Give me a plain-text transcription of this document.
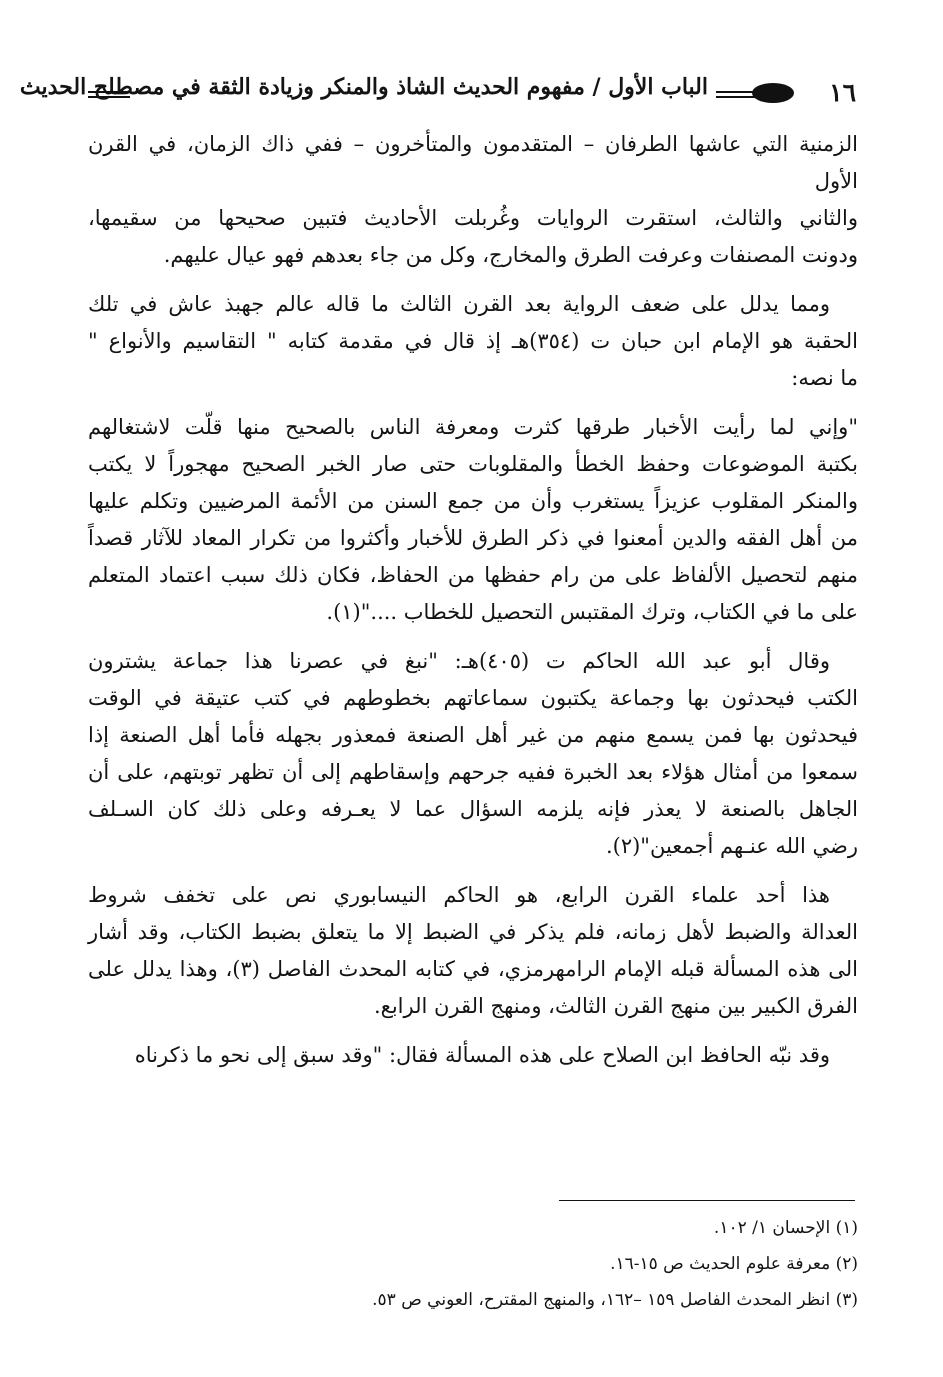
١٦
الباب الأول / مفهوم الحديث الشاذ والمنكر وزيادة الثقة في مصطلح الحديث
الزمنية التي عاشها الطرفان – المتقدمون والمتأخرون – ففي ذاك الزمان، في القرن الأول
والثاني والثالث، استقرت الروايات وغُربلت الأحاديث فتبين صحيحها من سقيمها،
ودونت المصنفات وعرفت الطرق والمخارج، وكل من جاء بعدهم فهو عيال عليهم.
ومما يدلل على ضعف الرواية بعد القرن الثالث ما قاله عالم جهبذ عاش في تلك
الحقبة هو الإمام ابن حبان ت (٣٥٤)هـ إذ قال في مقدمة كتابه " التقاسيم والأنواع "
ما نصه:
"وإني لما رأيت الأخبار طرقها كثرت ومعرفة الناس بالصحيح منها قلّت لاشتغالهم
بكتبة الموضوعات وحفظ الخطأ والمقلوبات حتى صار الخبر الصحيح مهجوراً لا يكتب
والمنكر المقلوب عزيزاً يستغرب وأن من جمع السنن من الأئمة المرضيين وتكلم عليها
من أهل الفقه والدين أمعنوا في ذكر الطرق للأخبار وأكثروا من تكرار المعاد للآثار قصداً
منهم لتحصيل الألفاظ على من رام حفظها من الحفاظ، فكان ذلك سبب اعتماد المتعلم
على ما في الكتاب، وترك المقتبس التحصيل للخطاب ...."(١).
وقال أبو عبد الله الحاكم ت (٤٠٥)هـ: "نبغ في عصرنا هذا جماعة يشترون
الكتب فيحدثون بها وجماعة يكتبون سماعاتهم بخطوطهم في كتب عتيقة في الوقت
فيحدثون بها فمن يسمع منهم من غير أهل الصنعة فمعذور بجهله فأما أهل الصنعة إذا
سمعوا من أمثال هؤلاء بعد الخبرة ففيه جرحهم وإسقاطهم إلى أن تظهر توبتهم، على أن
الجاهل بالصنعة لا يعذر فإنه يلزمه السؤال عما لا يعـرفه وعلى ذلك كان السـلف
رضي الله عنـهم أجمعين"(٢).
هذا أحد علماء القرن الرابع، هو الحاكم النيسابوري نص على تخفف شروط
العدالة والضبط لأهل زمانه، فلم يذكر في الضبط إلا ما يتعلق بضبط الكتاب، وقد أشار
الى هذه المسألة قبله الإمام الرامهرمزي، في كتابه المحدث الفاصل (٣)، وهذا يدلل على
الفرق الكبير بين منهج القرن الثالث، ومنهج القرن الرابع.
وقد نبّه الحافظ ابن الصلاح على هذه المسألة فقال: "وقد سبق إلى نحو ما ذكرناه
(١) الإحسان ١/ ١٠٢.
(٢) معرفة علوم الحديث ص ١٥-١٦.
(٣) انظر المحدث الفاصل ١٥٩ –١٦٢، والمنهج المقترح، العوني ص ٥٣.
